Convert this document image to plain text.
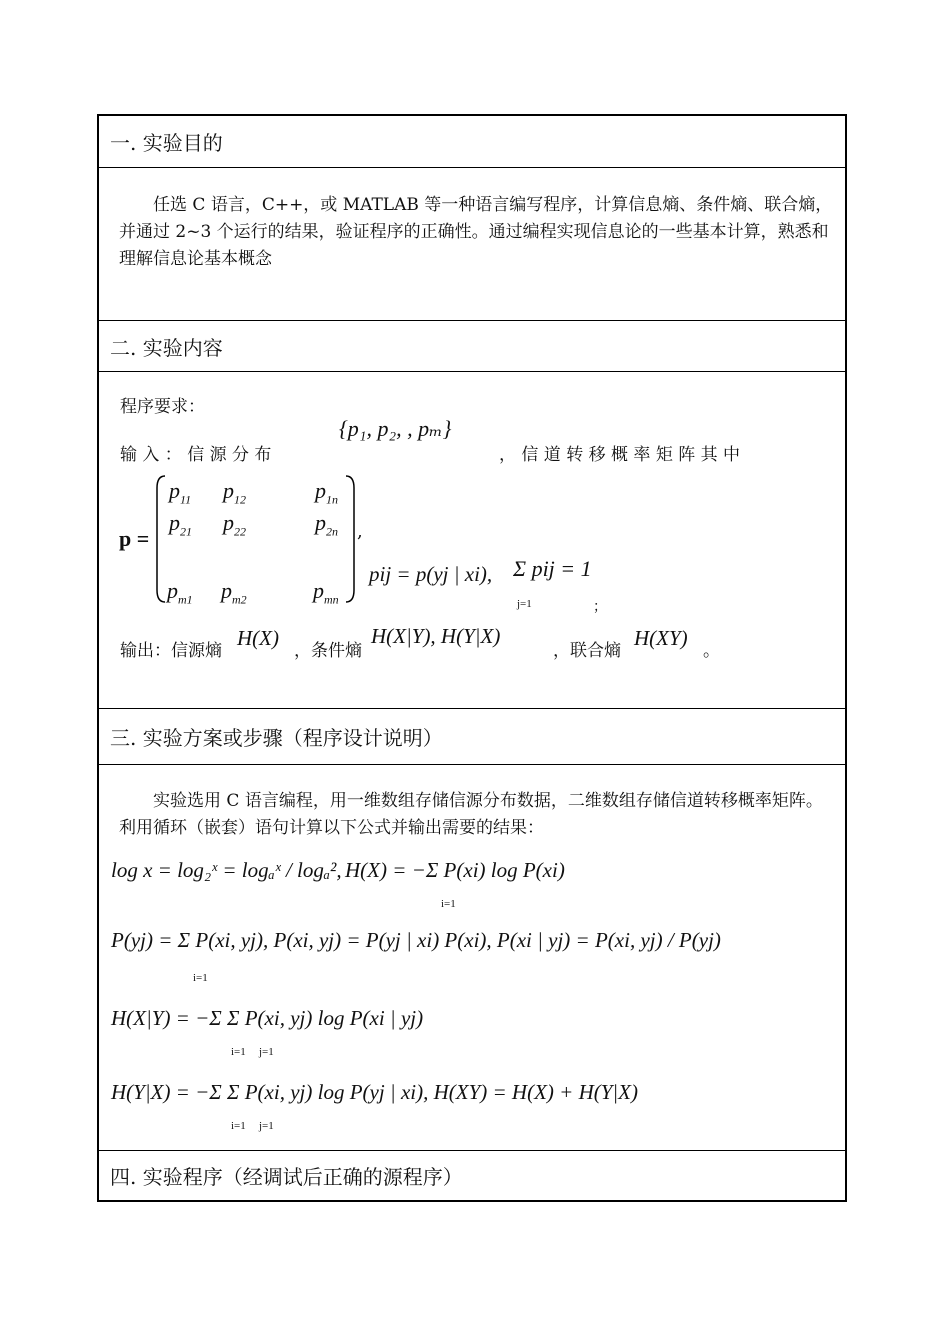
一. 实验目的
任选 C 语言，C++，或 MATLAB 等一种语言编写程序，计算信息熵、条件熵、联合熵，并通过 2~3 个运行的结果，验证程序的正确性。通过编程实现信息论的一些基本计算，熟悉和理解信息论基本概念
二. 实验内容
程序要求：
输 入 ： 信 源 分 布
{p₁, p₂, , pₘ}
， 信 道 转 移 概 率 矩 阵 其 中
p =
$p_{11}$ $p_{12}$	$p_{1n}$
$p_{21}$ $p_{22}$	$p_{2n}$
$p_{m1}$ $p_{m2}$	$p_{mn}$
,
pij = p(yj | xi), Σ pij = 1
j=1	；
输出：信源熵
H(X)
，条件熵
H(X|Y), H(Y|X)
，联合熵
H(XY)
。
三. 实验方案或步骤（程序设计说明）
实验选用 C 语言编程，用一维数组存储信源分布数据，二维数组存储信道转移概率矩阵。利用循环（嵌套）语句计算以下公式并输出需要的结果：
log x = log₂ˣ = logₐˣ / logₐ², H(X) = −Σ P(xi) log P(xi)
i=1
P(yj) = Σ P(xi, yj), P(xi, yj) = P(yj | xi) P(xi), P(xi | yj) = P(xi, yj) / P(yj)
i=1
H(X|Y) = −Σ Σ P(xi, yj) log P(xi | yj)
i=1 j=1
H(Y|X) = −Σ Σ P(xi, yj) log P(yj | xi), H(XY) = H(X) + H(Y|X)
i=1 j=1
四. 实验程序（经调试后正确的源程序）
